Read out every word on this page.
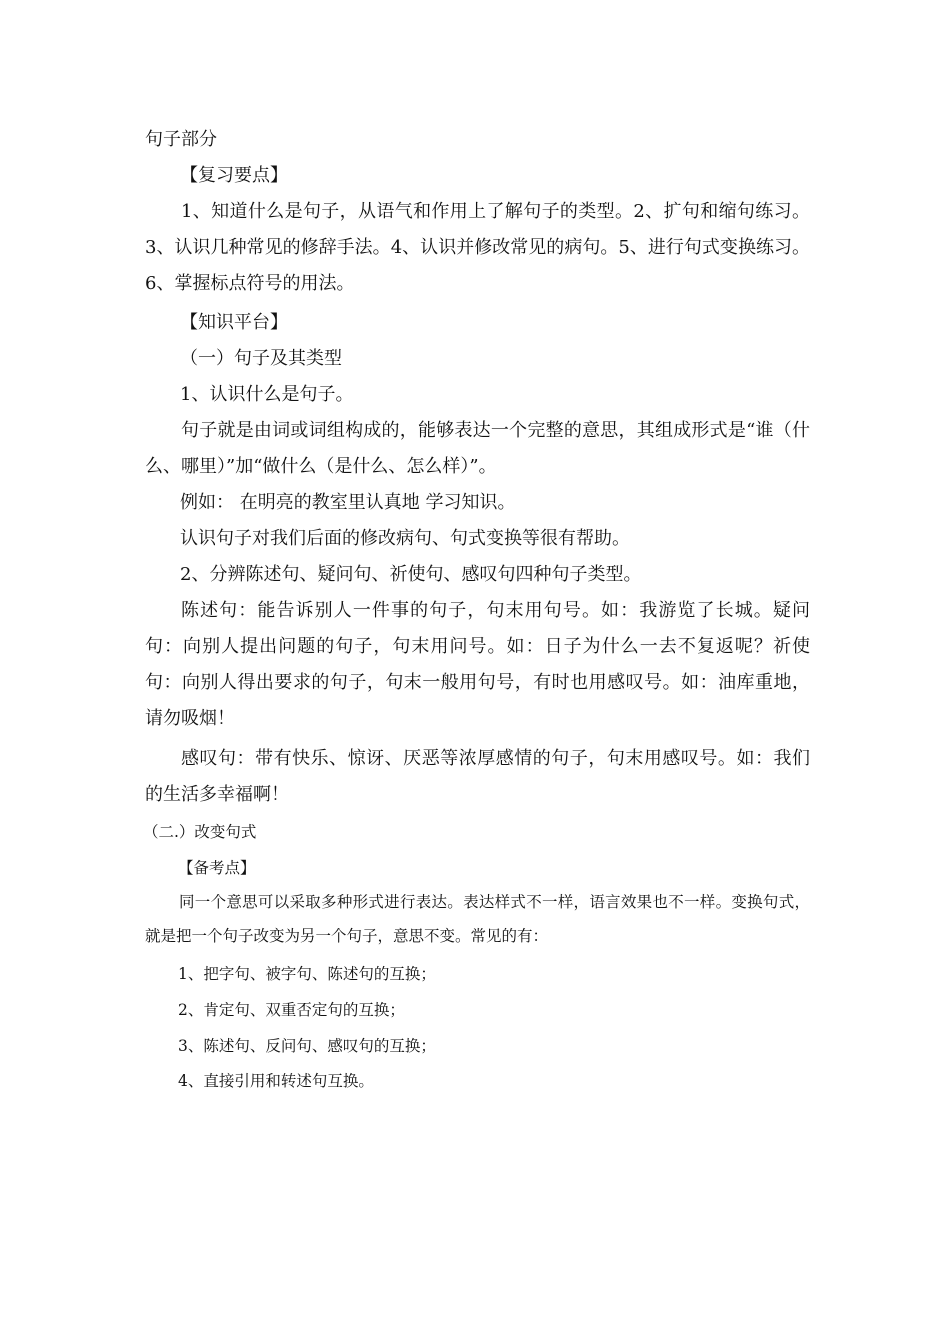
句子部分

【复习要点】

1、知道什么是句子，从语气和作用上了解句子的类型。2、扩句和缩句练习。 3、认识几种常见的修辞手法。4、认识并修改常见的病句。5、进行句式变换练习。 6、掌握标点符号的用法。

【知识平台】

（一）句子及其类型

1、认识什么是句子。

句子就是由词或词组构成的，能够表达一个完整的意思，其组成形式是“谁（什么、哪里）”加“做什么（是什么、怎么样）”。

例如： 在明亮的教室里认真地 学习知识。

认识句子对我们后面的修改病句、句式变换等很有帮助。

2、分辨陈述句、疑问句、祈使句、感叹句四种句子类型。

陈述句：能告诉别人一件事的句子，句末用句号。如：我游览了长城。疑问句：向别人提出问题的句子，句末用问号。如：日子为什么一去不复返呢？祈使句：向别人得出要求的句子，句末一般用句号，有时也用感叹号。如：油库重地，请勿吸烟！

感叹句：带有快乐、惊讶、厌恶等浓厚感情的句子，句末用感叹号。如：我们的生活多幸福啊！

（二.）改变句式

【备考点】

同一个意思可以采取多种形式进行表达。表达样式不一样，语言效果也不一样。变换句式，就是把一个句子改变为另一个句子，意思不变。常见的有：

1、把字句、被字句、陈述句的互换；

2、肯定句、双重否定句的互换；

3、陈述句、反问句、感叹句的互换；

4、直接引用和转述句互换。
